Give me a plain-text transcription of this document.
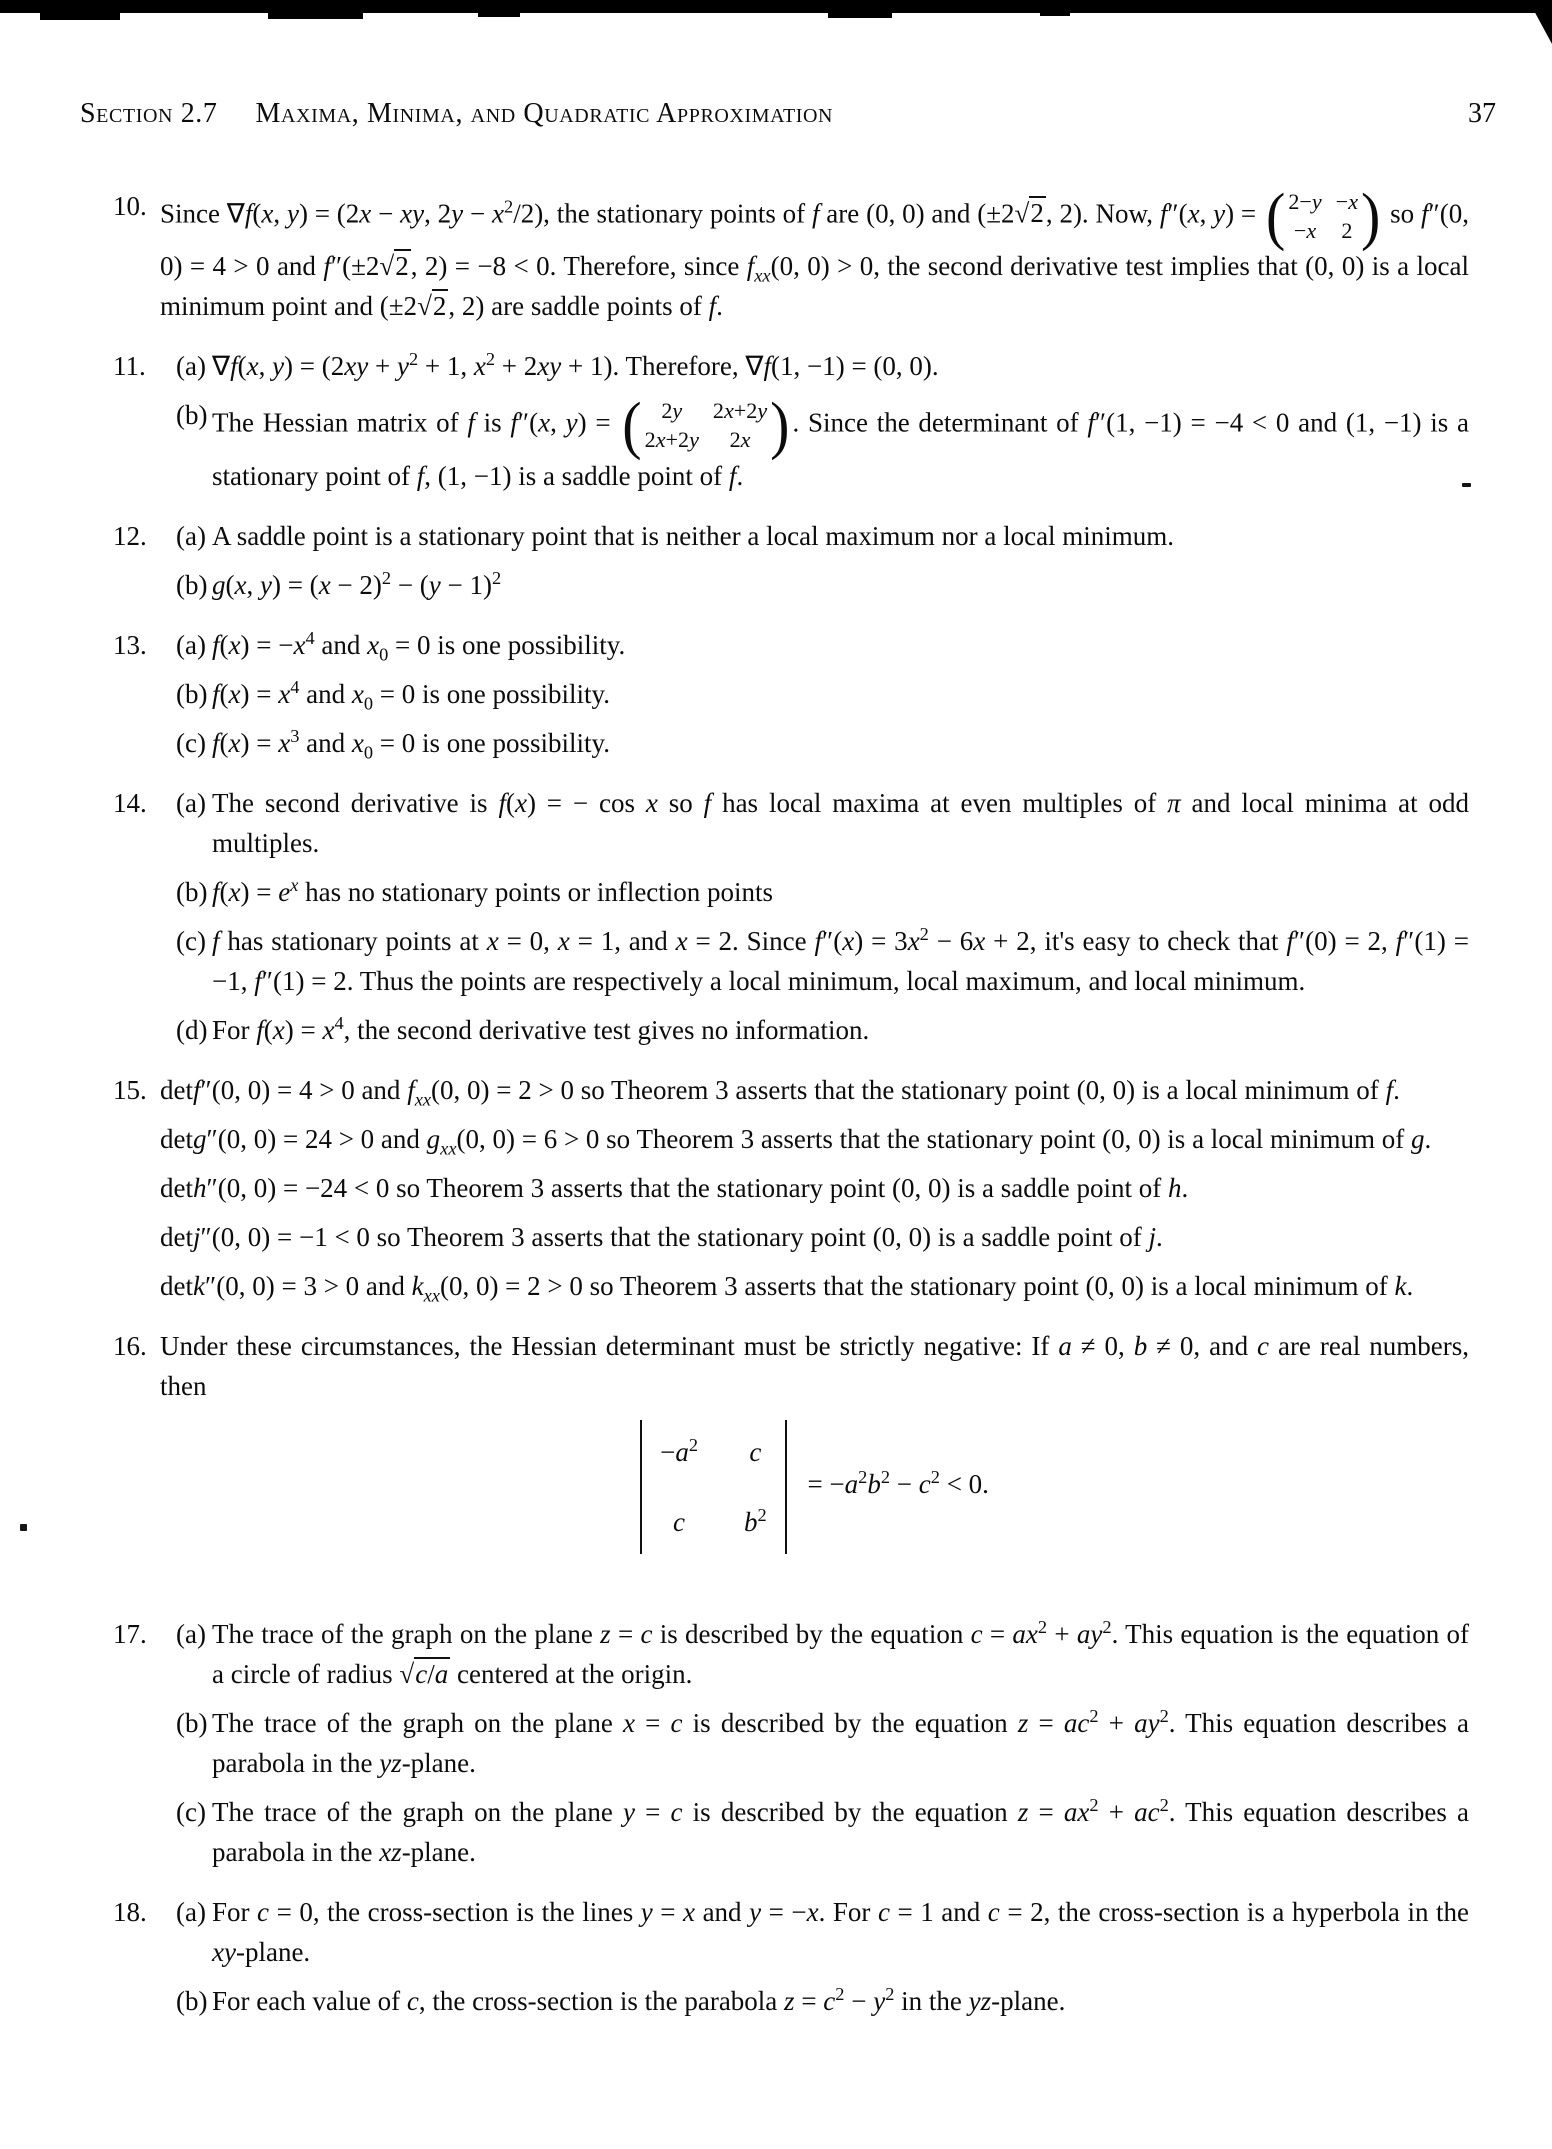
Section 2.7 Maxima, Minima, and Quadratic Approximation	37
10. Since ∇f(x, y) = (2x − xy, $2y - x^2/2$), the stationary points of f are (0, 0) and (±2√2, 2). Now, f″(x, y) = ( 2−y −x
−x 2 ) so f″(0, 0) = 4 > 0 and f″(±2√2, 2) = −8 < 0. Therefore, since $f_{xx}(0$, 0) > 0, the second derivative test implies that (0, 0) is a local minimum point and (±2√2, 2) are saddle points of f.
11.	(a) ∇f(x, $y) = (2xy + y^2 + 1$, $x^2 + 2xy + 1$). Therefore, ∇f(1, −1) = (0, 0).
(b) The Hessian matrix of f is f″(x, y) = ( 2y 2x+2y
2x+2y 2x ) . Since the determinant of f″(1, −1) = −4 < 0 and (1, −1) is a stationary point of f, (1, −1) is a saddle point of f.
12.	(a) A saddle point is a stationary point that is neither a local maximum nor a local minimum.
(b) g(x, $y) = (x - 2)^2 - (y - 1)^2$
13.	(a) $f(x) = -x^4$ and $x_0 = 0$ is one possibility.
(b) $f(x) = x^4$ and $x_0 = 0$ is one possibility.
(c) $f(x) = x^3$ and $x_0 = 0$ is one possibility.
14.	(a) The second derivative is f(x) = − cos x so f has local maxima at even multiples of π and local minima at odd multiples.
(b) $f(x) = e^x$ has no stationary points or inflection points
(c) f has stationary points at x = 0, x = 1, and x = 2. Since $f''(x) = 3x^2 - 6x + 2$, it's easy to check that f″(0) = 2, f″(1) = −1, f″(1) = 2. Thus the points are respectively a local minimum, local maximum, and local minimum.
(d) For $f(x) = x^4$, the second derivative test gives no information.
15. detf″(0, 0) = 4 > 0 and $f_{xx}(0$, 0) = 2 > 0 so Theorem 3 asserts that the stationary point (0, 0) is a local minimum of f.
detg″(0, 0) = 24 > 0 and $g_{xx}(0$, 0) = 6 > 0 so Theorem 3 asserts that the stationary point (0, 0) is a local minimum of g.
deth″(0, 0) = −24 < 0 so Theorem 3 asserts that the stationary point (0, 0) is a saddle point of h.
detj″(0, 0) = −1 < 0 so Theorem 3 asserts that the stationary point (0, 0) is a saddle point of j.
detk″(0, 0) = 3 > 0 and $k_{xx}(0$, 0) = 2 > 0 so Theorem 3 asserts that the stationary point (0, 0) is a local minimum of k.
16. Under these circumstances, the Hessian determinant must be strictly negative: If a ≠ 0, b ≠ 0, and c are real numbers, then
$-a^2$ c
c $b^2$
= $-a^2b^2 - c^2 < 0$.
17.	(a) The trace of the graph on the plane z = c is described by the equation $c = ax^2 + ay^2$. This equation is the equation of a circle of radius √c/a centered at the origin.
(b) The trace of the graph on the plane x = c is described by the equation $z = ac^2 + ay^2$. This equation describes a parabola in the yz-plane.
(c) The trace of the graph on the plane y = c is described by the equation $z = ax^2 + ac^2$. This equation describes a parabola in the xz-plane.
18.	(a) For c = 0, the cross-section is the lines y = x and y = −x. For c = 1 and c = 2, the cross-section is a hyperbola in the xy-plane.
(b) For each value of c, the cross-section is the parabola $z = c^2 - y^2$ in the yz-plane.
